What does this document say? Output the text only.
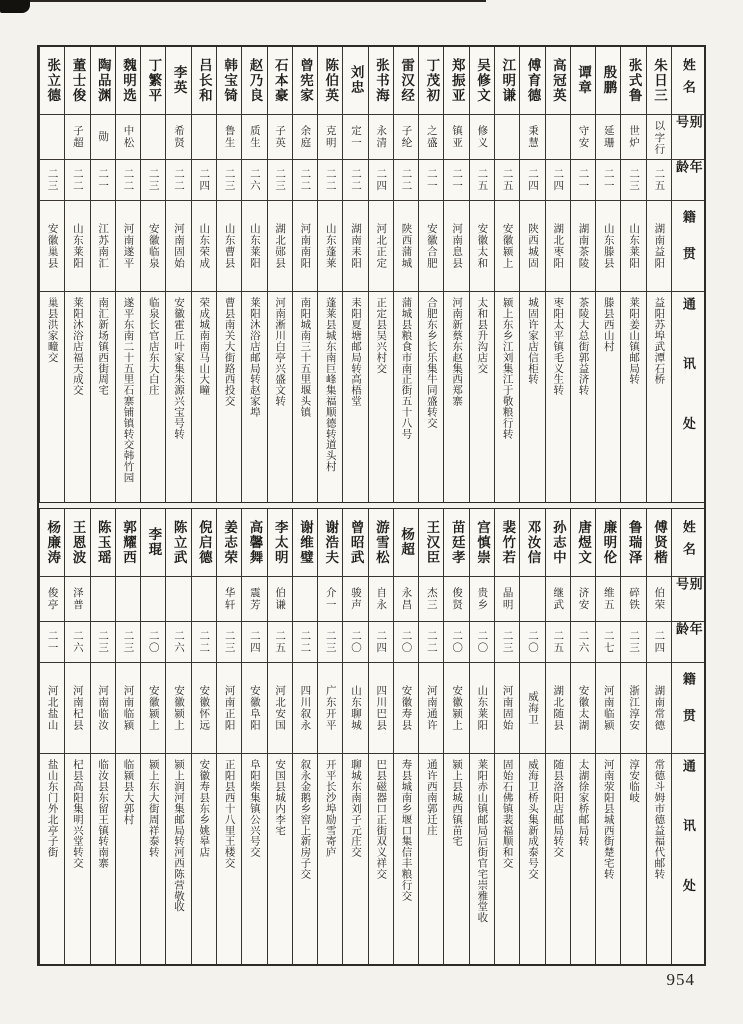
姓名
别号
年龄
籍贯
通讯处
朱日三
以字行
二五
湖南益阳
益阳苏埠武潭石桥
张式鲁
世炉
二三
山东莱阳
莱阳姜山镇邮局转
殷鹏
延珊
二一
山东滕县
滕县西山村
谭章
守安
二一
湖南茶陵
茶陵大总街郭益济转
高冠英
二四
湖北枣阳
枣阳太平镇毛义生转
傅育德
秉慧
二四
陕西城固
城固许家店信柜转
江明谦
二五
安徽颍上
颍上东乡江刘集江于敬粮行转
吴修文
修义
二五
安徽太和
太和县升沟店交
郑振亚
镇亚
二一
河南息县
河南新蔡东赵集西郑寨
丁茂初
之盛
二一
安徽合肥
合肥东乡长乐集牛同盛转交
雷汉经
子纶
二二
陕西蒲城
蒲城县粮食市南正街五十八号
张书海
永清
二四
河北正定
正定县吴兴村交
刘忠
定一
二二
湖南耒阳
耒阳夏塘邮局转高梧堂
陈伯英
克明
二二
山东蓬莱
蓬莱县城东南巨峰集福顺德转道头村
曾宪家
余庭
二二
河南南阳
南阳城南三十五里堰头镇
石本豪
子英
二三
湖北郧县
河南淅川白亭兴盛文转
赵乃良
质生
二六
山东莱阳
莱阳沐浴店邮局转赵家埠
韩宝锜
鲁生
二三
山东曹县
曹县南关大街路西投交
吕长和
二四
山东荣成
荣成城南南马山大疃
李英
希贤
二二
河南固始
安徽霍丘叶家集朱源兴宝号转
丁繁平
二三
安徽临泉
临泉长官店东大白庄
魏明选
中松
二二
河南遂平
遂平东南二十五里石寨铺镇转交韩竹园
陶品渊
勋
二一
江苏南汇
南汇新场镇西街周宅
董士俊
子超
二二
山东莱阳
莱阳沐浴店福天成交
张立德
二三
安徽巢县
巢县洪家疃交
姓名
别号
年龄
籍贯
通讯处
傅贤楷
伯荣
二四
湖南常德
常德斗姆市德益福代邮转
鲁瑞泽
碎铁
二三
浙江淳安
淳安临岐
廉明伦
维五
二七
河南临颍
河南荥阳县城西街楚宅转
唐煜文
济安
二六
安徽太湖
太湖徐家桥邮局转
孙志中
继武
二五
湖北随县
随县洛阳店邮局转交
邓汝信
二〇
威海卫
威海卫桥头集新成泰号交
裴竹若
晶明
二三
河南固始
固始石佛镇裴福顺和交
宫慎崇
贵乡
二〇
山东莱阳
莱阳赤山镇邮局后街官宅崇雅堂收
苗廷孝
俊贤
二〇
安徽颍上
颍上县城西镇苗宅
王汉臣
杰三
二二
河南通许
通许西南郭迁庄
杨超
永昌
二〇
安徽寿县
寿县城南乡堰口集信丰粮行交
游雪松
自永
二四
四川巴县
巴县磁器口正街双义祥交
曾昭武
骏声
二〇
山东聊城
聊城东南刘子元庄交
谢浩夫
介一
二三
广东开平
开平长沙埠励雪寄庐
谢维璧
二二
四川叙永
叙永金鹅乡窖上新房子交
李太明
伯谦
二五
河北安国
安国县城内李宅
高馨舞
震芳
二四
安徽阜阳
阜阳柴集镇公兴号交
姜志荣
华轩
二三
河南正阳
正阳县西十八里王楼交
倪启德
二二
安徽怀远
安徽寿县东乡姚皋店
陈立武
二六
安徽颍上
颍上润河集邮局转河西陈营敬收
李琨
二〇
安徽颍上
颍上东大街周祥泰转
郭耀西
二三
河南临颍
临颍县大郭村
陈玉瑶
二三
河南临汝
临汝县东留王镇转南寨
王恩波
泽普
二六
河南杞县
杞县高阳集明兴堂转交
杨廉涛
俊亭
二一
河北盐山
盐山东门外北亭子街
954
